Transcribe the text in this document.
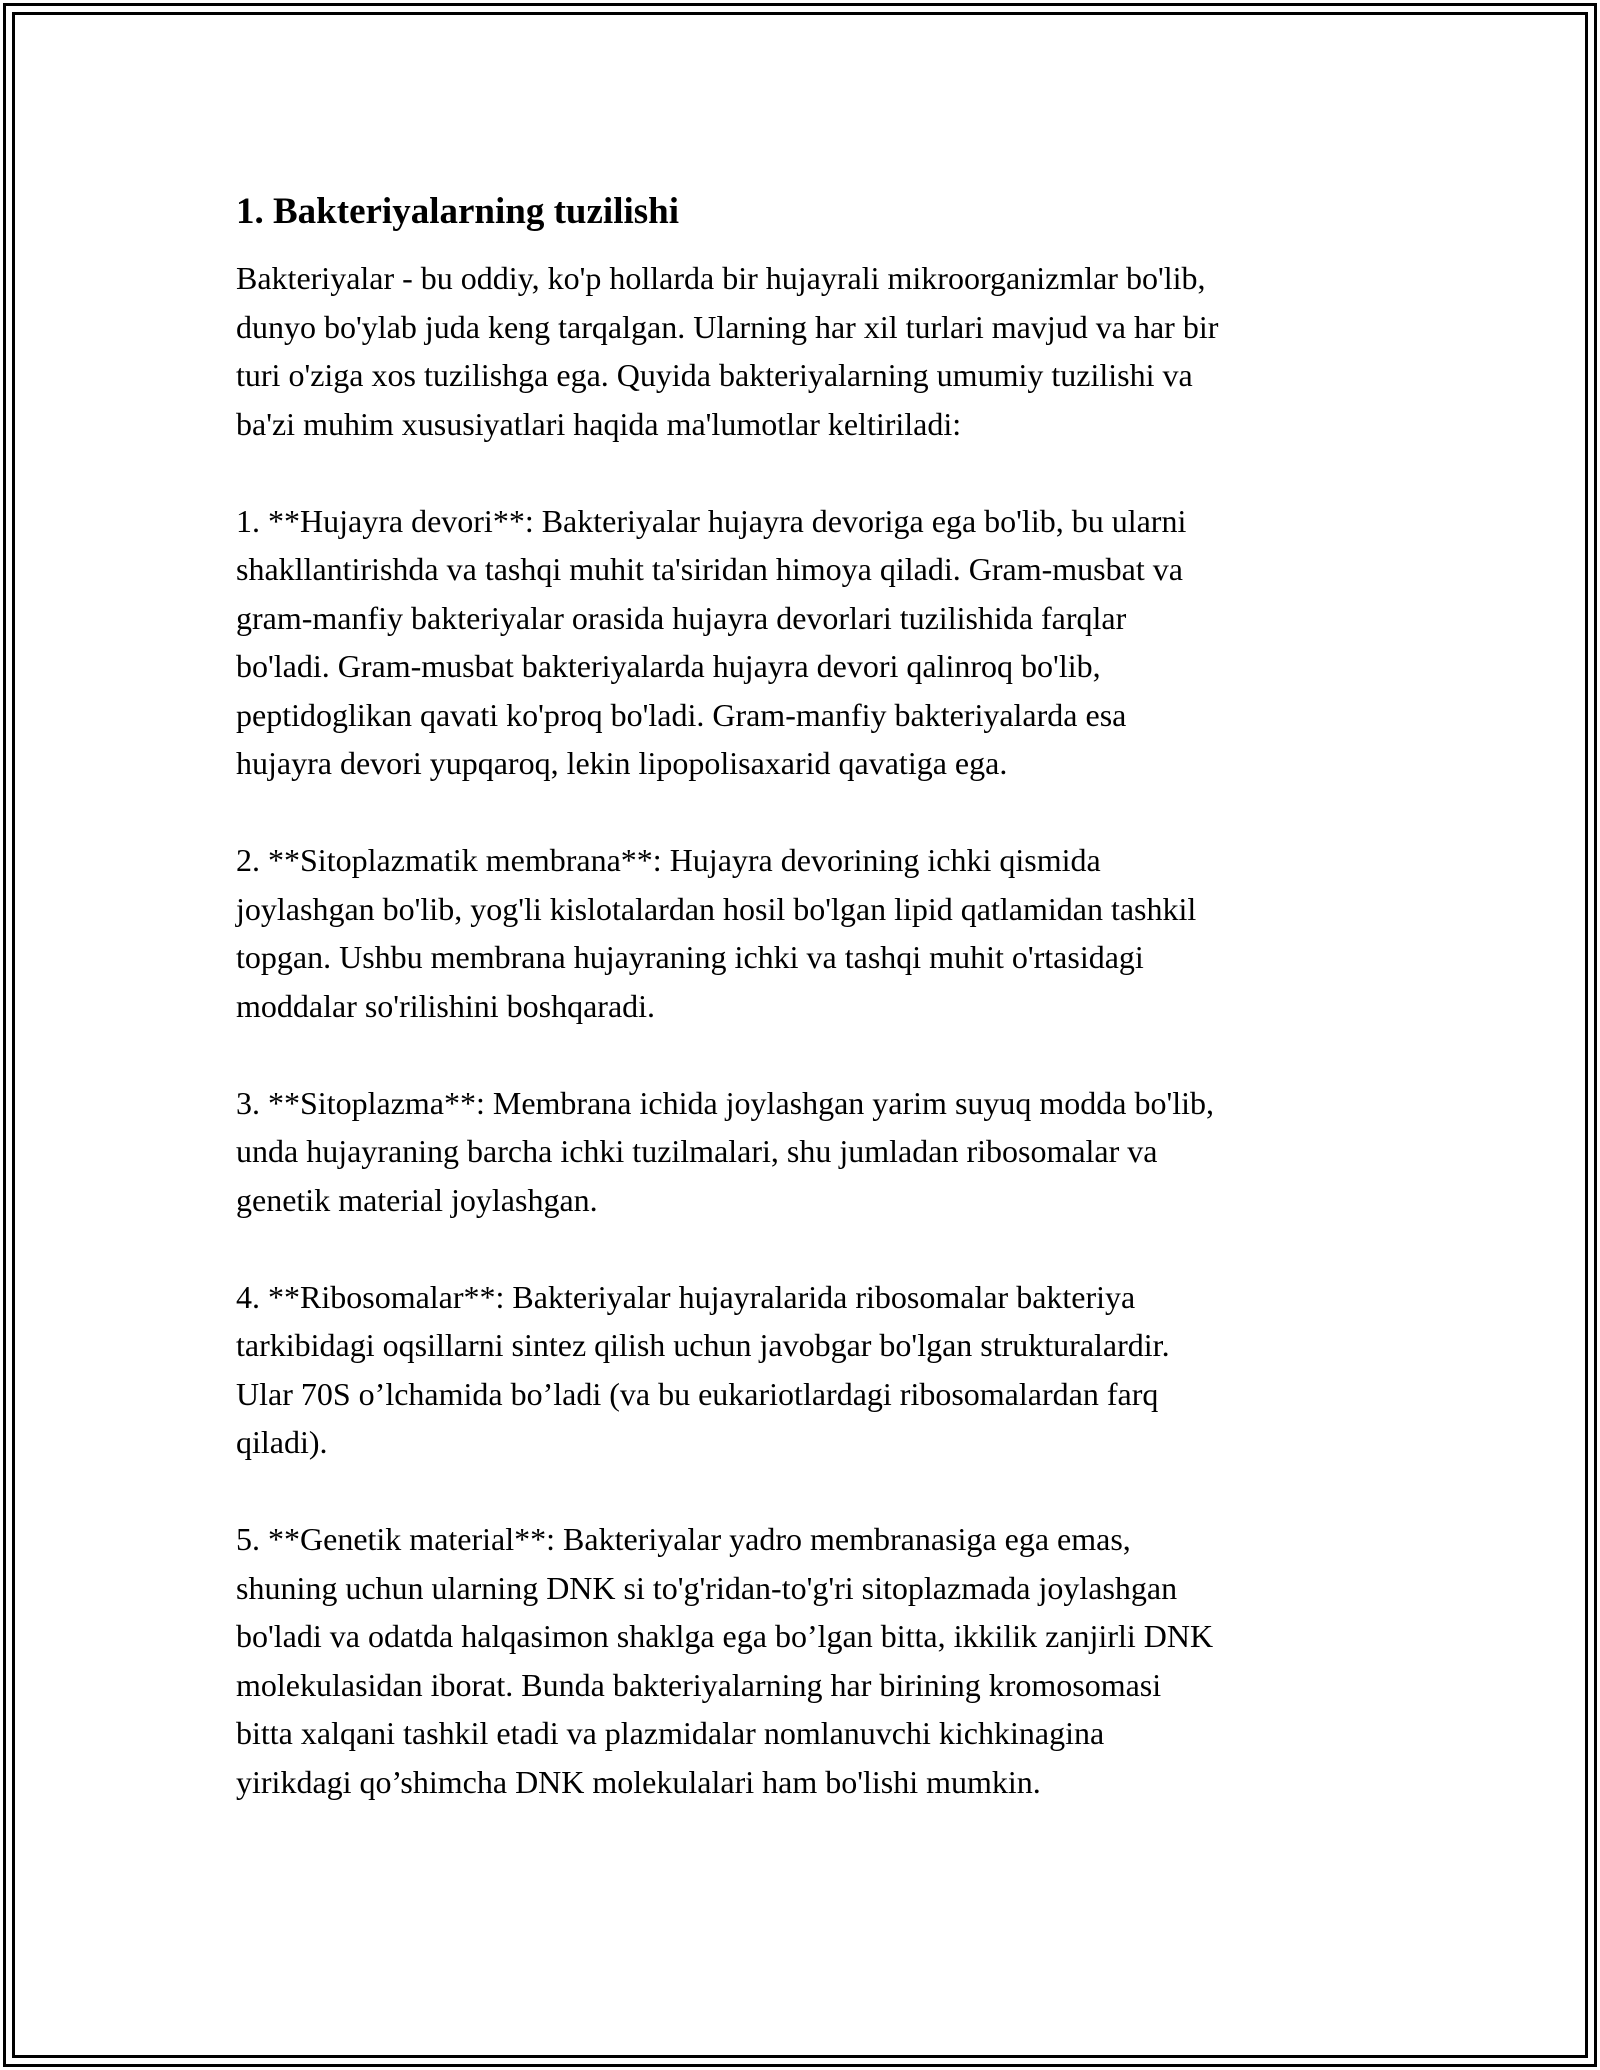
1. Bakteriyalarning tuzilishi

Bakteriyalar - bu oddiy, ko'p hollarda bir hujayrali mikroorganizmlar bo'lib,
dunyo bo'ylab juda keng tarqalgan. Ularning har xil turlari mavjud va har bir
turi o'ziga xos tuzilishga ega. Quyida bakteriyalarning umumiy tuzilishi va
ba'zi muhim xususiyatlari haqida ma'lumotlar keltiriladi:

1. **Hujayra devori**: Bakteriyalar hujayra devoriga ega bo'lib, bu ularni
shakllantirishda va tashqi muhit ta'siridan himoya qiladi. Gram-musbat va
gram-manfiy bakteriyalar orasida hujayra devorlari tuzilishida farqlar
bo'ladi. Gram-musbat bakteriyalarda hujayra devori qalinroq bo'lib,
peptidoglikan qavati ko'proq bo'ladi. Gram-manfiy bakteriyalarda esa
hujayra devori yupqaroq, lekin lipopolisaxarid qavatiga ega.

2. **Sitoplazmatik membrana**: Hujayra devorining ichki qismida
joylashgan bo'lib, yog'li kislotalardan hosil bo'lgan lipid qatlamidan tashkil
topgan. Ushbu membrana hujayraning ichki va tashqi muhit o'rtasidagi
moddalar so'rilishini boshqaradi.

3. **Sitoplazma**: Membrana ichida joylashgan yarim suyuq modda bo'lib,
unda hujayraning barcha ichki tuzilmalari, shu jumladan ribosomalar va
genetik material joylashgan.

4. **Ribosomalar**: Bakteriyalar hujayralarida ribosomalar bakteriya
tarkibidagi oqsillarni sintez qilish uchun javobgar bo'lgan strukturalardir.
Ular 70S o’lchamida bo’ladi (va bu eukariotlardagi ribosomalardan farq
qiladi).

5. **Genetik material**: Bakteriyalar yadro membranasiga ega emas,
shuning uchun ularning DNK si to'g'ridan-to'g'ri sitoplazmada joylashgan
bo'ladi va odatda halqasimon shaklga ega bo’lgan bitta, ikkilik zanjirli DNK
molekulasidan iborat. Bunda bakteriyalarning har birining kromosomasi
bitta xalqani tashkil etadi va plazmidalar nomlanuvchi kichkinagina
yirikdagi qo’shimcha DNK molekulalari ham bo'lishi mumkin.
